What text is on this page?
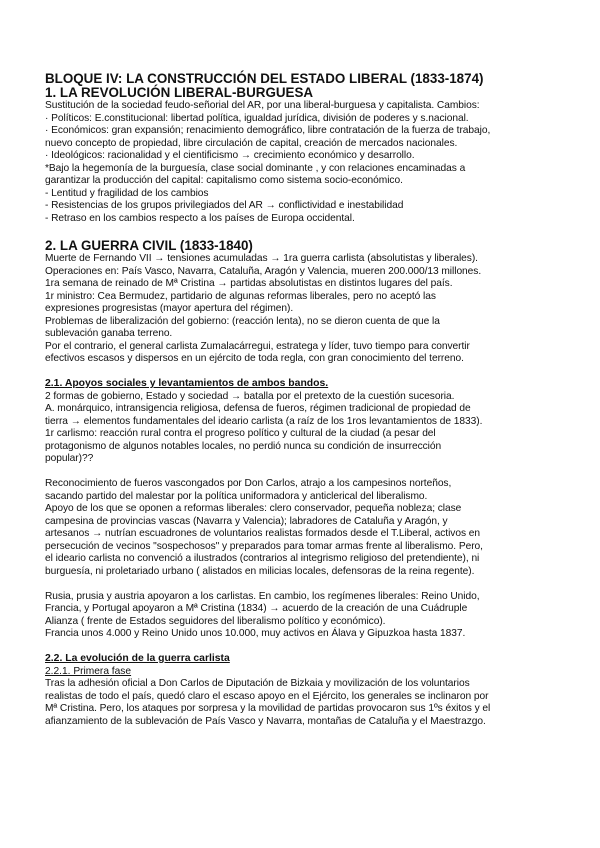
BLOQUE IV: LA CONSTRUCCIÓN DEL ESTADO LIBERAL (1833-1874)
1. LA REVOLUCIÓN LIBERAL-BURGUESA
Sustitución de la sociedad feudo-señorial del AR, por una liberal-burguesa y capitalista. Cambios:
· Políticos: E.constitucional: libertad política, igualdad jurídica, división de poderes y s.nacional.
· Económicos: gran expansión; renacimiento demográfico, libre contratación de la fuerza de trabajo,
nuevo concepto de propiedad, libre circulación de capital, creación de mercados nacionales.
· Ideológicos: racionalidad y el cientificismo → crecimiento económico y desarrollo.
*Bajo la hegemonía de la burguesía, clase social dominante , y con relaciones encaminadas a
garantizar la producción del capital: capitalismo como sistema socio-económico.
- Lentitud y fragilidad de los cambios
- Resistencias de los grupos privilegiados del AR → conflictividad e inestabilidad
- Retraso en los cambios respecto a los países de Europa occidental.
2. LA GUERRA CIVIL (1833-1840)
Muerte de Fernando VII → tensiones acumuladas → 1ra guerra carlista (absolutistas y liberales).
Operaciones en: País Vasco, Navarra, Cataluña, Aragón y Valencia, mueren 200.000/13 millones.
1ra semana de reinado de Mª Cristina → partidas absolutistas en distintos lugares del país.
1r ministro: Cea Bermudez, partidario de algunas reformas liberales, pero no aceptó las
expresiones progresistas (mayor apertura del régimen).
Problemas de liberalización del gobierno: (reacción lenta), no se dieron cuenta de que la
sublevación ganaba terreno.
Por el contrario, el general carlista Zumalacárregui, estratega y líder, tuvo tiempo para convertir
efectivos escasos y dispersos en un ejército de toda regla, con gran conocimiento del terreno.
2.1. Apoyos sociales y levantamientos de ambos bandos.
2 formas de gobierno, Estado y sociedad → batalla por el pretexto de la cuestión sucesoria.
A. monárquico, intransigencia religiosa, defensa de fueros, régimen tradicional de propiedad de
tierra → elementos fundamentales del ideario carlista (a raíz de los 1ros levantamientos de 1833).
1r carlismo: reacción rural contra el progreso político y cultural de la ciudad (a pesar del
protagonismo de algunos notables locales, no perdió nunca su condición de insurrección
popular)??
Reconocimiento de fueros vascongados por Don Carlos, atrajo a los campesinos norteños,
sacando partido del malestar por la política uniformadora y anticlerical del liberalismo.
Apoyo de los que se oponen a reformas liberales: clero conservador, pequeña nobleza; clase
campesina de provincias vascas (Navarra y Valencia); labradores de Cataluña y Aragón, y
artesanos → nutrían escuadrones de voluntarios realistas formados desde el T.Liberal, activos en
persecución de vecinos "sospechosos" y preparados para tomar armas frente al liberalismo. Pero,
el ideario carlista no convenció a ilustrados (contrarios al integrismo religioso del pretendiente), ni
burguesía, ni proletariado urbano ( alistados en milicias locales, defensoras de la reina regente).
Rusia, prusia y austria apoyaron a los carlistas. En cambio, los regímenes liberales: Reino Unido,
Francia, y Portugal apoyaron a Mª Cristina (1834) → acuerdo de la creación de una Cuádruple
Alianza ( frente de Estados seguidores del liberalismo político y económico).
Francia unos 4.000 y Reino Unido unos 10.000, muy activos en Álava y Gipuzkoa hasta 1837.
2.2. La evolución de la guerra carlista
2.2.1. Primera fase
Tras la adhesión oficial a Don Carlos de Diputación de Bizkaia y movilización de los voluntarios
realistas de todo el país, quedó claro el escaso apoyo en el Ejército, los generales se inclinaron por
Mª Cristina. Pero, los ataques por sorpresa y la movilidad de partidas provocaron sus 1ºs éxitos y el
afianzamiento de la sublevación de País Vasco y Navarra, montañas de Cataluña y el Maestrazgo.
